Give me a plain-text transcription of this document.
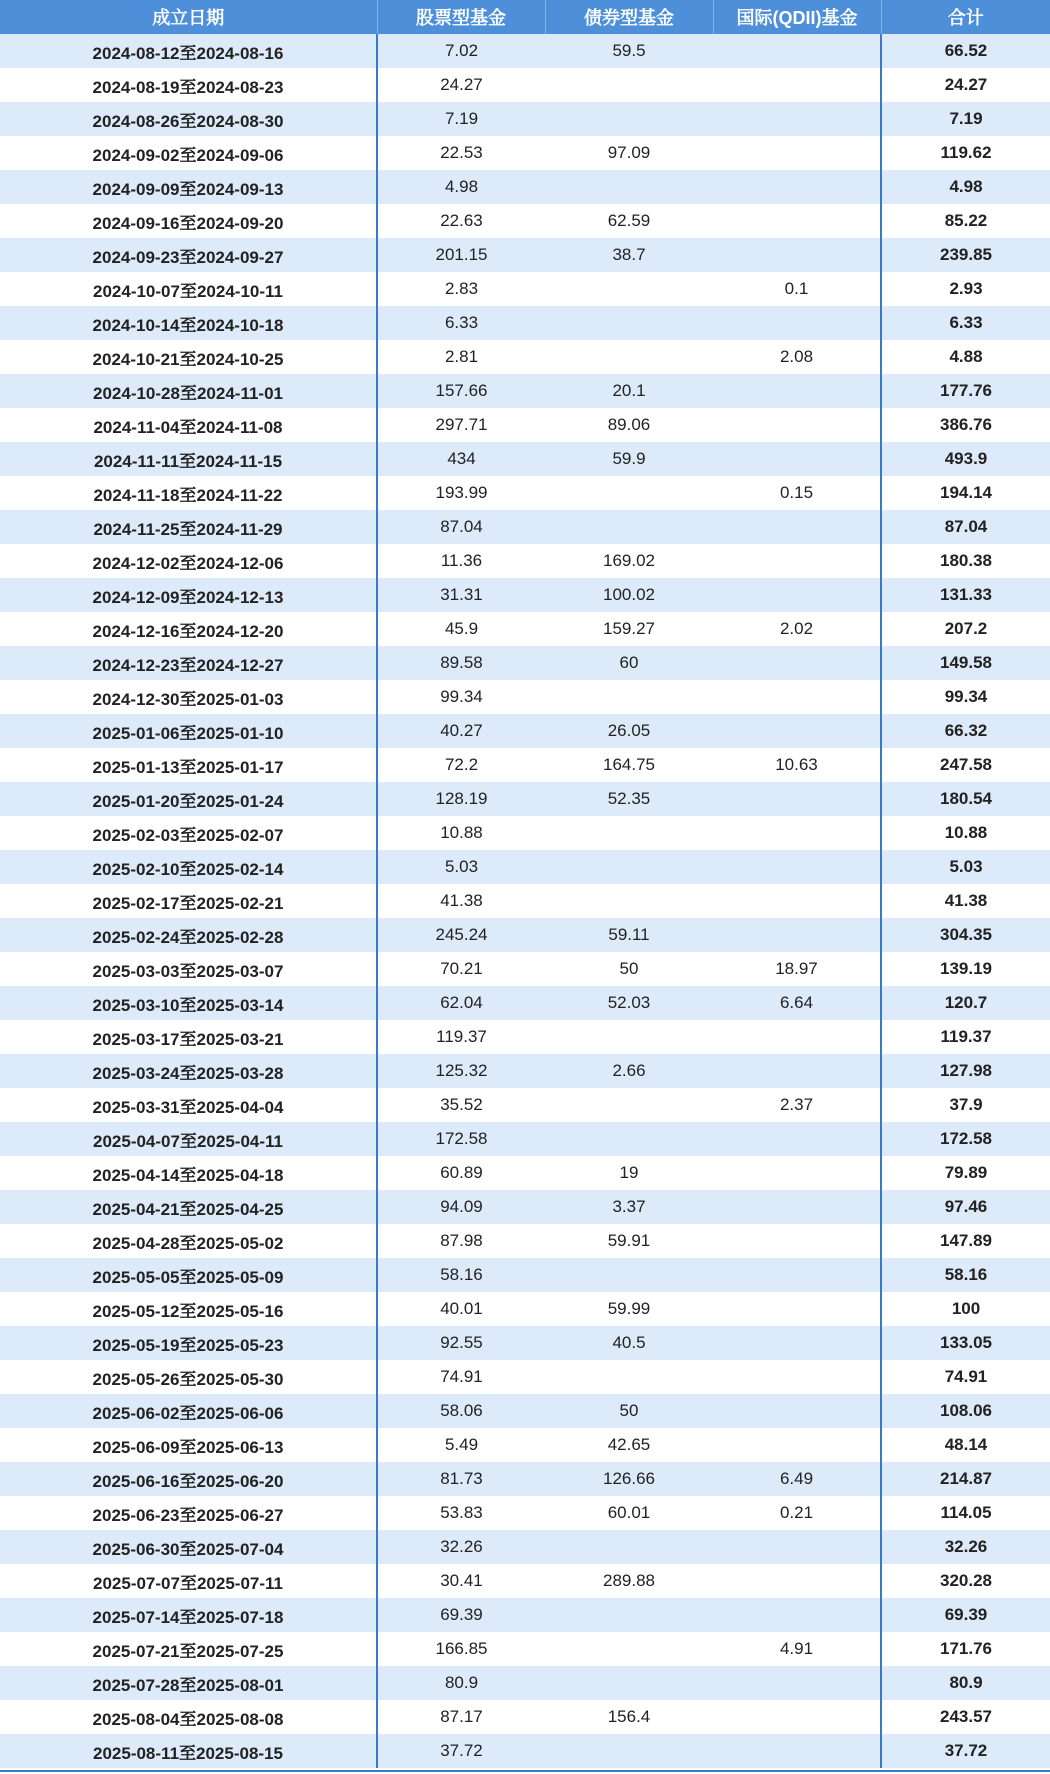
成立日期	股票型基金	债券型基金	国际(QDII)基金	合计
2024-08-12至2024-08-16	7.02	59.5		66.52
2024-08-19至2024-08-23	24.27			24.27
2024-08-26至2024-08-30	7.19			7.19
2024-09-02至2024-09-06	22.53	97.09		119.62
2024-09-09至2024-09-13	4.98			4.98
2024-09-16至2024-09-20	22.63	62.59		85.22
2024-09-23至2024-09-27	201.15	38.7		239.85
2024-10-07至2024-10-11	2.83		0.1	2.93
2024-10-14至2024-10-18	6.33			6.33
2024-10-21至2024-10-25	2.81		2.08	4.88
2024-10-28至2024-11-01	157.66	20.1		177.76
2024-11-04至2024-11-08	297.71	89.06		386.76
2024-11-11至2024-11-15	434	59.9		493.9
2024-11-18至2024-11-22	193.99		0.15	194.14
2024-11-25至2024-11-29	87.04			87.04
2024-12-02至2024-12-06	11.36	169.02		180.38
2024-12-09至2024-12-13	31.31	100.02		131.33
2024-12-16至2024-12-20	45.9	159.27	2.02	207.2
2024-12-23至2024-12-27	89.58	60		149.58
2024-12-30至2025-01-03	99.34			99.34
2025-01-06至2025-01-10	40.27	26.05		66.32
2025-01-13至2025-01-17	72.2	164.75	10.63	247.58
2025-01-20至2025-01-24	128.19	52.35		180.54
2025-02-03至2025-02-07	10.88			10.88
2025-02-10至2025-02-14	5.03			5.03
2025-02-17至2025-02-21	41.38			41.38
2025-02-24至2025-02-28	245.24	59.11		304.35
2025-03-03至2025-03-07	70.21	50	18.97	139.19
2025-03-10至2025-03-14	62.04	52.03	6.64	120.7
2025-03-17至2025-03-21	119.37			119.37
2025-03-24至2025-03-28	125.32	2.66		127.98
2025-03-31至2025-04-04	35.52		2.37	37.9
2025-04-07至2025-04-11	172.58			172.58
2025-04-14至2025-04-18	60.89	19		79.89
2025-04-21至2025-04-25	94.09	3.37		97.46
2025-04-28至2025-05-02	87.98	59.91		147.89
2025-05-05至2025-05-09	58.16			58.16
2025-05-12至2025-05-16	40.01	59.99		100
2025-05-19至2025-05-23	92.55	40.5		133.05
2025-05-26至2025-05-30	74.91			74.91
2025-06-02至2025-06-06	58.06	50		108.06
2025-06-09至2025-06-13	5.49	42.65		48.14
2025-06-16至2025-06-20	81.73	126.66	6.49	214.87
2025-06-23至2025-06-27	53.83	60.01	0.21	114.05
2025-06-30至2025-07-04	32.26			32.26
2025-07-07至2025-07-11	30.41	289.88		320.28
2025-07-14至2025-07-18	69.39			69.39
2025-07-21至2025-07-25	166.85		4.91	171.76
2025-07-28至2025-08-01	80.9			80.9
2025-08-04至2025-08-08	87.17	156.4		243.57
2025-08-11至2025-08-15	37.72			37.72
